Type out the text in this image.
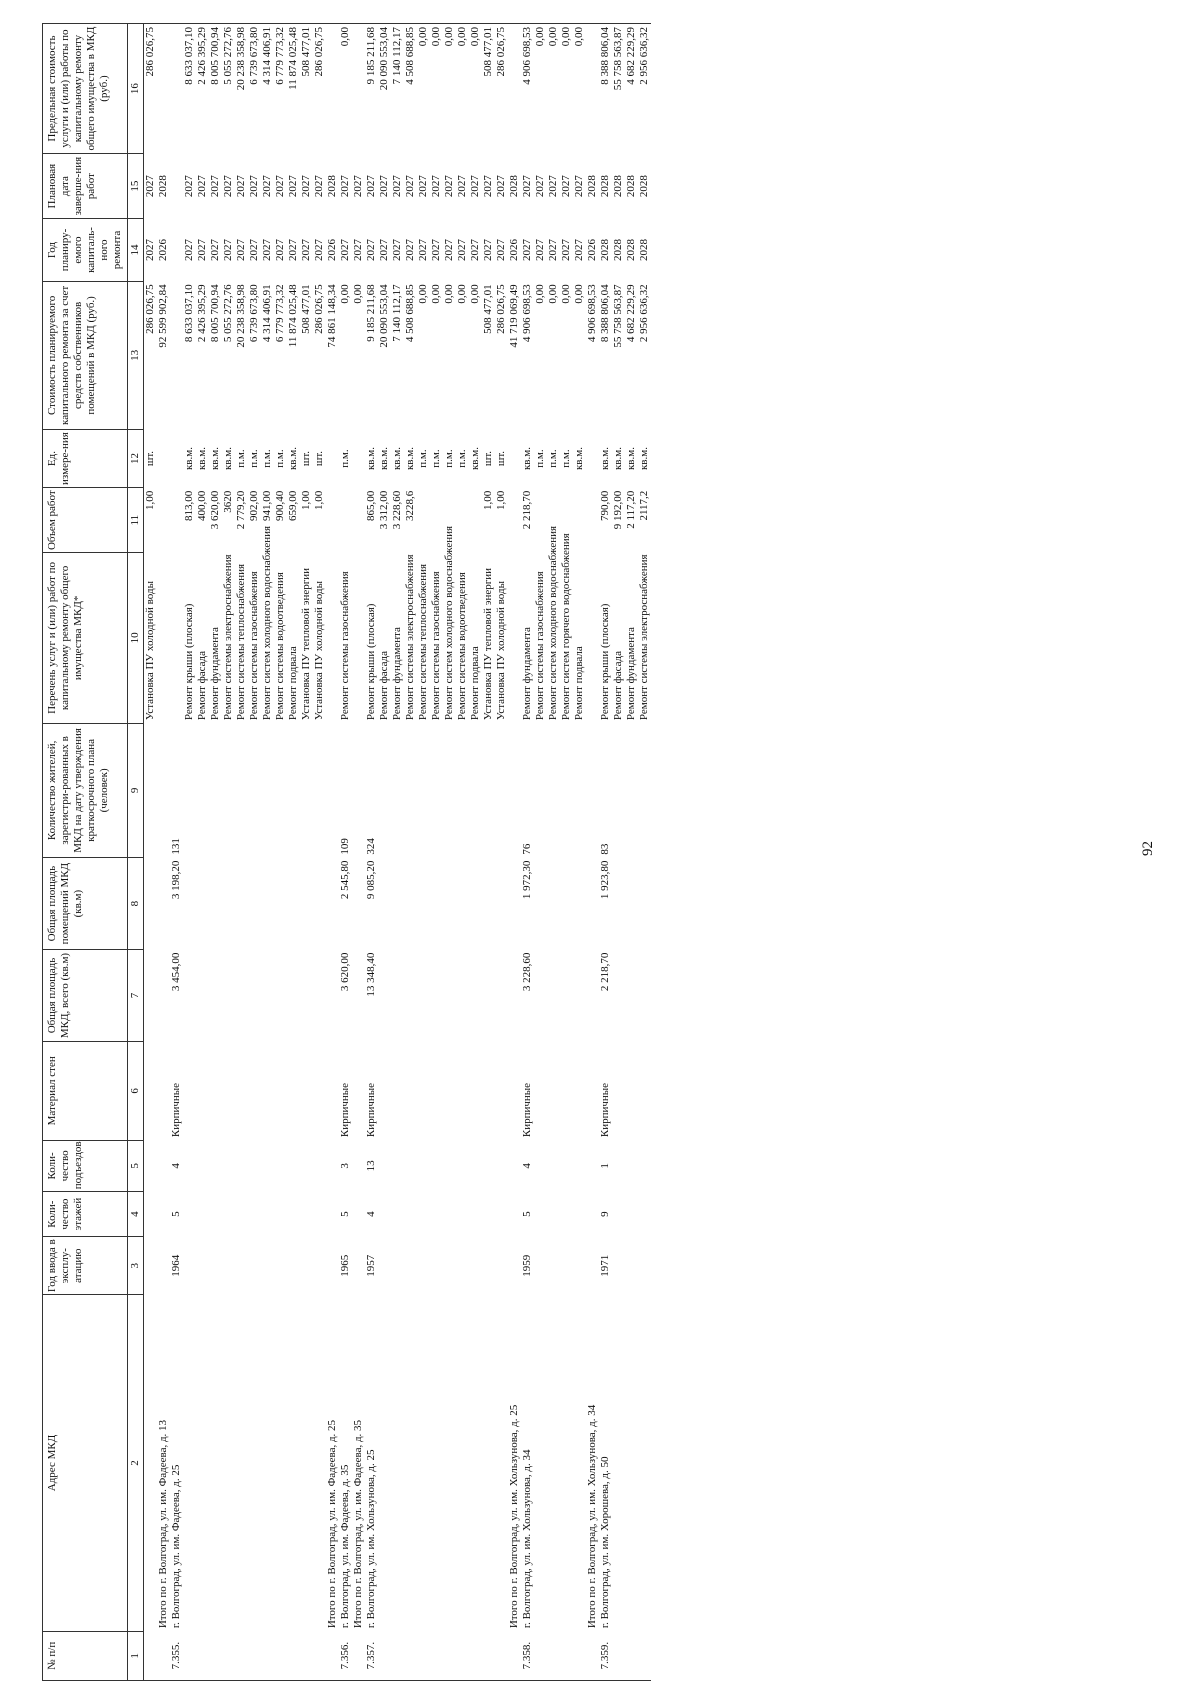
92
№ п/п	Адрес МКД	Год ввода в эксплу-атацию	Коли-чество этажей	Коли-чество подъездов	Материал стен	Общая площадь МКД, всего (кв.м)	Общая площадь помещений МКД (кв.м)	Количество жителей, зарегистри-рованных в МКД на дату утверждения краткосрочного плана (человек)	Перечень услуг и (или) работ по капитальному ремонту общего имущества МКД*	Объем работ	Ед. измере-ния	Стоимость планируемого капитального ремонта за счет средств собственников помещений в МКД (руб.)	Год планиру-емого капиталь-ного ремонта	Плановая дата заверше-ния работ	Предельная стоимость услуги и (или) работы по капитальному ремонту общего имущества в МКД (руб.)
1	2	3	4	5	6	7	8	9	10	11	12	13	14	15	16
									Установка ПУ холодной воды	1,00	шт.	286 026,75	2027	2027	286 026,75
	Итого по г. Волгоград, ул. им. Фадеева, д. 13											92 599 902,84	2026	2028	
7.355.	г. Волгоград, ул. им. Фадеева, д. 25	1964	5	4	Кирпичные	3 454,00	3 198,20	131							
									Ремонт крыши (плоская)	813,00	кв.м.	8 633 037,10	2027	2027	8 633 037,10
									Ремонт фасада	400,00	кв.м.	2 426 395,29	2027	2027	2 426 395,29
									Ремонт фундамента	3 620,00	кв.м.	8 005 700,94	2027	2027	8 005 700,94
									Ремонт системы электроснабжения	3620	кв.м.	5 055 272,76	2027	2027	5 055 272,76
									Ремонт системы теплоснабжения	2 779,20	п.м.	20 238 358,98	2027	2027	20 238 358,98
									Ремонт системы газоснабжения	902,00	п.м.	6 739 673,80	2027	2027	6 739 673,80
									Ремонт систем холодного водоснабжения	941,00	п.м.	4 314 406,91	2027	2027	4 314 406,91
									Ремонт системы водоотведения	900,40	п.м.	6 779 773,32	2027	2027	6 779 773,32
									Ремонт подвала	659,00	кв.м.	11 874 025,48	2027	2027	11 874 025,48
									Установка ПУ тепловой энергии	1,00	шт.	508 477,01	2027	2027	508 477,01
									Установка ПУ холодной воды	1,00	шт.	286 026,75	2027	2027	286 026,75
	Итого по г. Волгоград, ул. им. Фадеева, д. 25											74 861 148,34	2026	2028	
7.356.	г. Волгоград, ул. им. Фадеева, д. 35	1965	5	3	Кирпичные	3 620,00	2 545,80	109	Ремонт системы газоснабжения		п.м.	0,00	2027	2027	0,00
	Итого по г. Волгоград, ул. им. Фадеева, д. 35											0,00	2027	2027	
7.357.	г. Волгоград, ул. им. Хользунова, д. 25	1957	4	13	Кирпичные	13 348,40	9 085,20	324	Ремонт крыши (плоская)	865,00	кв.м.	9 185 211,68	2027	2027	9 185 211,68
									Ремонт фасада	3 312,00	кв.м.	20 090 553,04	2027	2027	20 090 553,04
									Ремонт фундамента	3 228,60	кв.м.	7 140 112,17	2027	2027	7 140 112,17
									Ремонт системы электроснабжения	3228,6	кв.м.	4 508 688,85	2027	2027	4 508 688,85
									Ремонт системы теплоснабжения		п.м.	0,00	2027	2027	0,00
									Ремонт системы газоснабжения		п.м.	0,00	2027	2027	0,00
									Ремонт систем холодного водоснабжения		п.м.	0,00	2027	2027	0,00
									Ремонт системы водоотведения		п.м.	0,00	2027	2027	0,00
									Ремонт подвала		кв.м.	0,00	2027	2027	0,00
									Установка ПУ тепловой энергии	1,00	шт.	508 477,01	2027	2027	508 477,01
									Установка ПУ холодной воды	1,00	шт.	286 026,75	2027	2027	286 026,75
	Итого по г. Волгоград, ул. им. Хользунова, д. 25											41 719 069,49	2026	2028	
7.358.	г. Волгоград, ул. им. Хользунова, д. 34	1959	5	4	Кирпичные	3 228,60	1 972,30	76	Ремонт фундамента	2 218,70	кв.м.	4 906 698,53	2027	2027	4 906 698,53
									Ремонт системы газоснабжения		п.м.	0,00	2027	2027	0,00
									Ремонт систем холодного водоснабжения		п.м.	0,00	2027	2027	0,00
									Ремонт систем горячего водоснабжения		п.м.	0,00	2027	2027	0,00
									Ремонт подвала		кв.м.	0,00	2027	2027	0,00
	Итого по г. Волгоград, ул. им. Хользунова, д. 34											4 906 698,53	2026	2028	
7.359.	г. Волгоград, ул. им. Хорошева, д. 50	1971	9	1	Кирпичные	2 218,70	1 923,80	83	Ремонт крыши (плоская)	790,00	кв.м.	8 388 806,04	2028	2028	8 388 806,04
									Ремонт фасада	9 192,00	кв.м.	55 758 563,87	2028	2028	55 758 563,87
									Ремонт фундамента	2 117,20	кв.м.	4 682 229,29	2028	2028	4 682 229,29
									Ремонт системы электроснабжения	2117,2	кв.м.	2 956 636,32	2028	2028	2 956 636,32
